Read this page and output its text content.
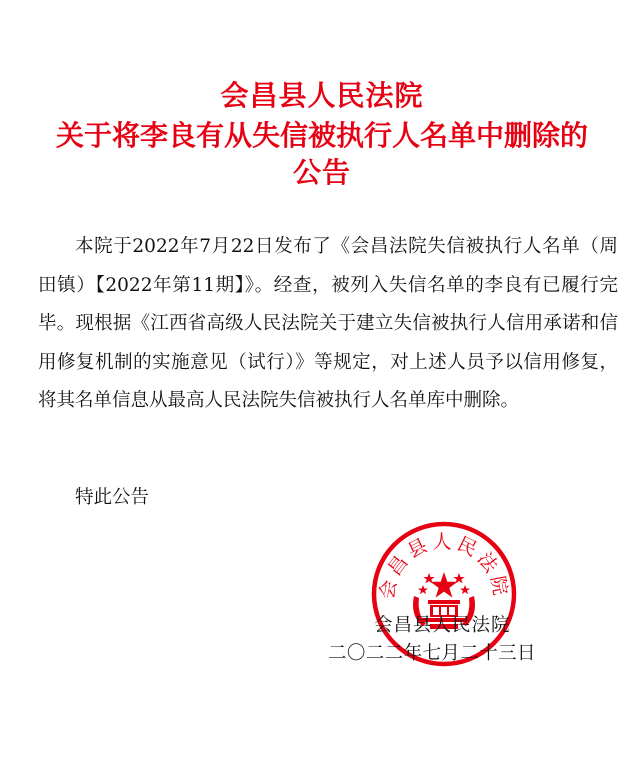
会昌县人民法院
关于将李良有从失信被执行人名单中删除的
公告
本院于2022年7月22日发布了《会昌法院失信被执行人名单（周田镇）【2022年第11期】》。经查，被列入失信名单的李良有已履行完毕。现根据《江西省高级人民法院关于建立失信被执行人信用承诺和信用修复机制的实施意见（试行）》等规定，对上述人员予以信用修复，将其名单信息从最高人民法院失信被执行人名单库中删除。
特此公告
会昌县人民法院
会昌县人民法院
二〇二二年七月二十三日
